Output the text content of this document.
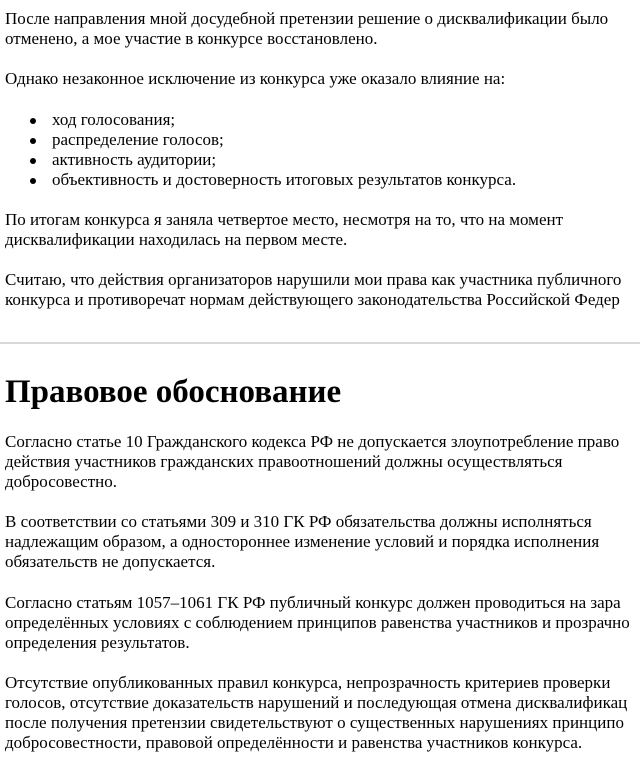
После направления мной досудебной претензии решение о дисквалификации было
отменено, а мое участие в конкурсе восстановлено.

Однако незаконное исключение из конкурса уже оказало влияние на:

ход голосования;
распределение голосов;
активность аудитории;
объективность и достоверность итоговых результатов конкурса.

По итогам конкурса я заняла четвертое место, несмотря на то, что на момент
дисквалификации находилась на первом месте.

Считаю, что действия организаторов нарушили мои права как участника публичного
конкурса и противоречат нормам действующего законодательства Российской Федер

Правовое обоснование

Согласно статье 10 Гражданского кодекса РФ не допускается злоупотребление право
действия участников гражданских правоотношений должны осуществляться
добросовестно.

В соответствии со статьями 309 и 310 ГК РФ обязательства должны исполняться
надлежащим образом, а одностороннее изменение условий и порядка исполнения
обязательств не допускается.

Согласно статьям 1057–1061 ГК РФ публичный конкурс должен проводиться на зара
определённых условиях с соблюдением принципов равенства участников и прозрачно
определения результатов.

Отсутствие опубликованных правил конкурса, непрозрачность критериев проверки
голосов, отсутствие доказательств нарушений и последующая отмена дисквалификац
после получения претензии свидетельствуют о существенных нарушениях принципо
добросовестности, правовой определённости и равенства участников конкурса.
